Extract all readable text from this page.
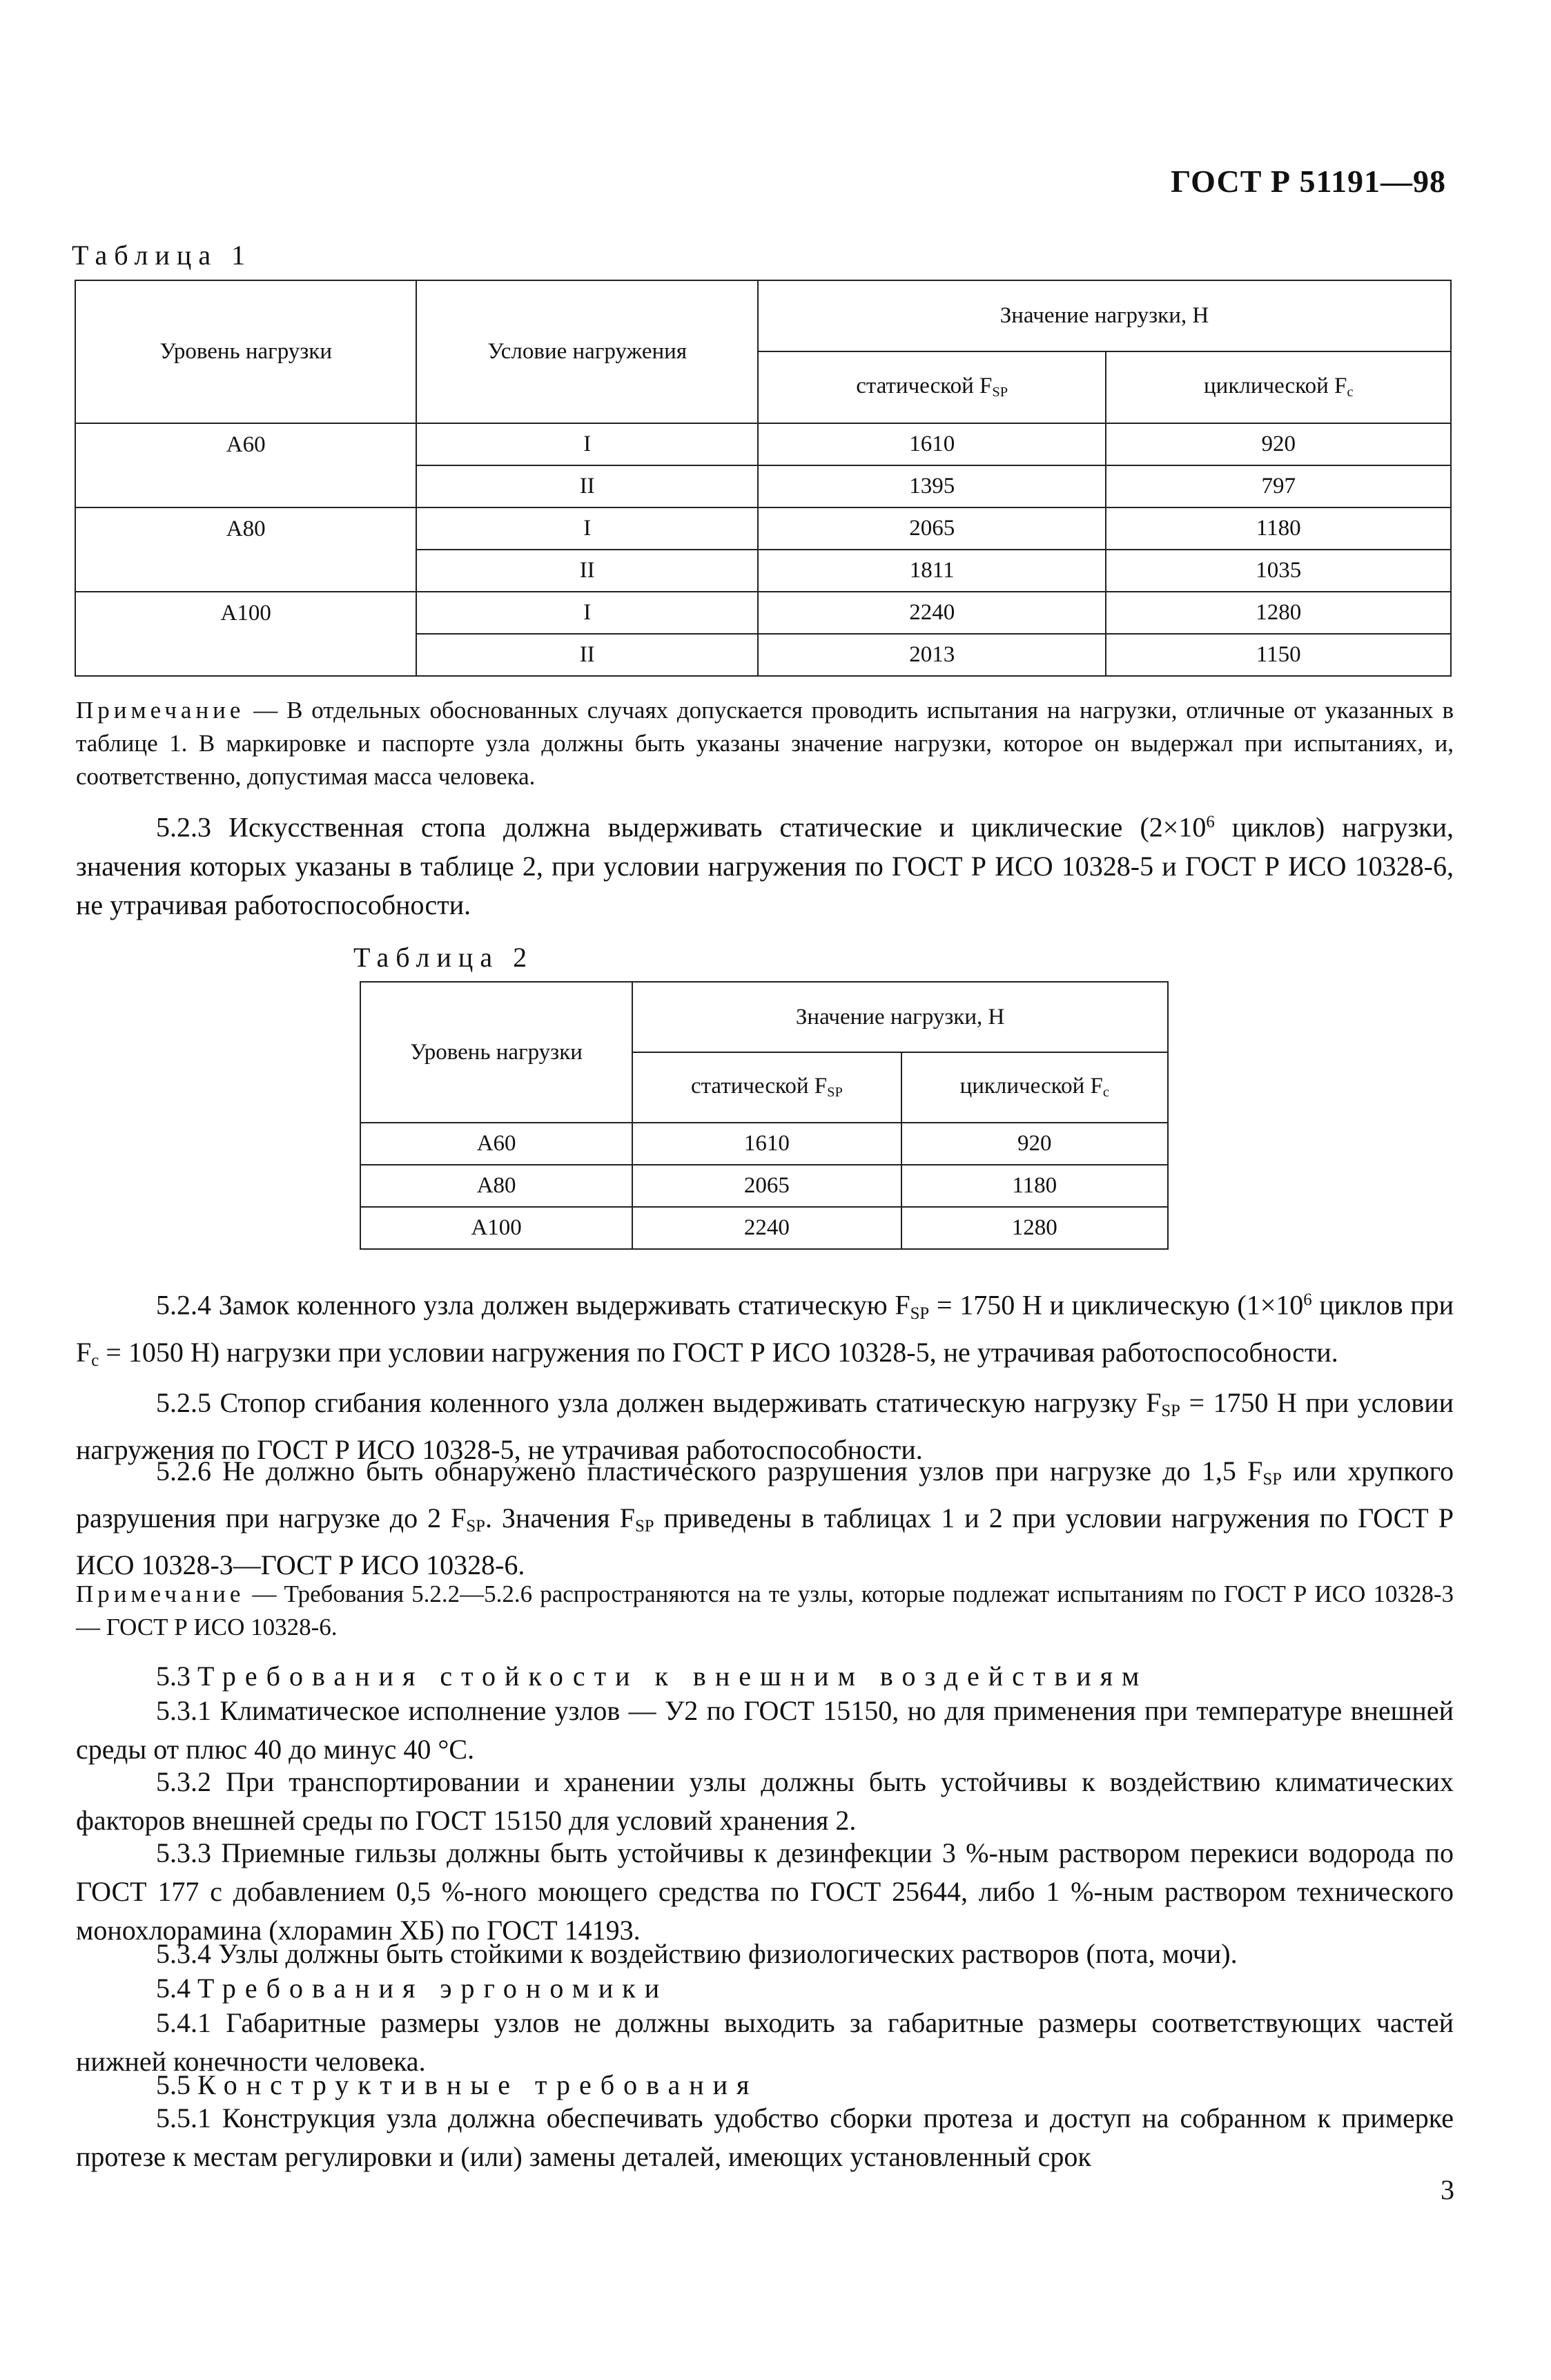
ГОСТ Р 51191—98
Таблица 1
Уровень нагрузки	Условие нагружения	Значение нагрузки, Н	
		статической $F_{SP}$	циклической $F_c$
A60	I	1610	920
	II	1395	797
A80	I	2065	1180
	II	1811	1035
A100	I	2240	1280
	II	2013	1150
Примечание — В отдельных обоснованных случаях допускается проводить испытания на нагрузки, отличные от указанных в таблице 1. В маркировке и паспорте узла должны быть указаны значение нагрузки, которое он выдержал при испытаниях, и, соответственно, допустимая масса человека.
5.2.3 Искусственная стопа должна выдерживать статические и циклические ($2\times 10^6$ циклов) нагрузки, значения которых указаны в таблице 2, при условии нагружения по ГОСТ Р ИСО 10328-5 и ГОСТ Р ИСО 10328-6, не утрачивая работоспособности.
Таблица 2
Уровень нагрузки	Значение нагрузки, Н	
	статической $F_{SP}$	циклической $F_c$
A60	1610	920
A80	2065	1180
A100	2240	1280
5.2.4 Замок коленного узла должен выдерживать статическую $F_{SP} = 1750$ Н и циклическую ($1\times 10^6$ циклов при $F_c = 1050$ Н) нагрузки при условии нагружения по ГОСТ Р ИСО 10328-5, не утрачивая работоспособности.
5.2.5 Стопор сгибания коленного узла должен выдерживать статическую нагрузку $F_{SP} = 1750$ Н при условии нагружения по ГОСТ Р ИСО 10328-5, не утрачивая работоспособности.
5.2.6 Не должно быть обнаружено пластического разрушения узлов при нагрузке до 1,5 $F_{SP}$ или хрупкого разрушения при нагрузке до 2 $F_{SP}$. Значения $F_{SP}$ приведены в таблицах 1 и 2 при условии нагружения по ГОСТ Р ИСО 10328-3—ГОСТ Р ИСО 10328-6.
Примечание — Требования 5.2.2—5.2.6 распространяются на те узлы, которые подлежат испытаниям по ГОСТ Р ИСО 10328-3— ГОСТ Р ИСО 10328-6.
5.3 Требования стойкости к внешним воздействиям
5.3.1 Климатическое исполнение узлов — У2 по ГОСТ 15150, но для применения при температуре внешней среды от плюс 40 до минус 40 °С.
5.3.2 При транспортировании и хранении узлы должны быть устойчивы к воздействию климатических факторов внешней среды по ГОСТ 15150 для условий хранения 2.
5.3.3 Приемные гильзы должны быть устойчивы к дезинфекции 3 %-ным раствором перекиси водорода по ГОСТ 177 с добавлением 0,5 %-ного моющего средства по ГОСТ 25644, либо 1 %-ным раствором технического монохлорамина (хлорамин ХБ) по ГОСТ 14193.
5.3.4 Узлы должны быть стойкими к воздействию физиологических растворов (пота, мочи).
5.4 Требования эргономики
5.4.1 Габаритные размеры узлов не должны выходить за габаритные размеры соответствующих частей нижней конечности человека.
5.5 Конструктивные требования
5.5.1 Конструкция узла должна обеспечивать удобство сборки протеза и доступ на собранном к примерке протезе к местам регулировки и (или) замены деталей, имеющих установленный срок
3
